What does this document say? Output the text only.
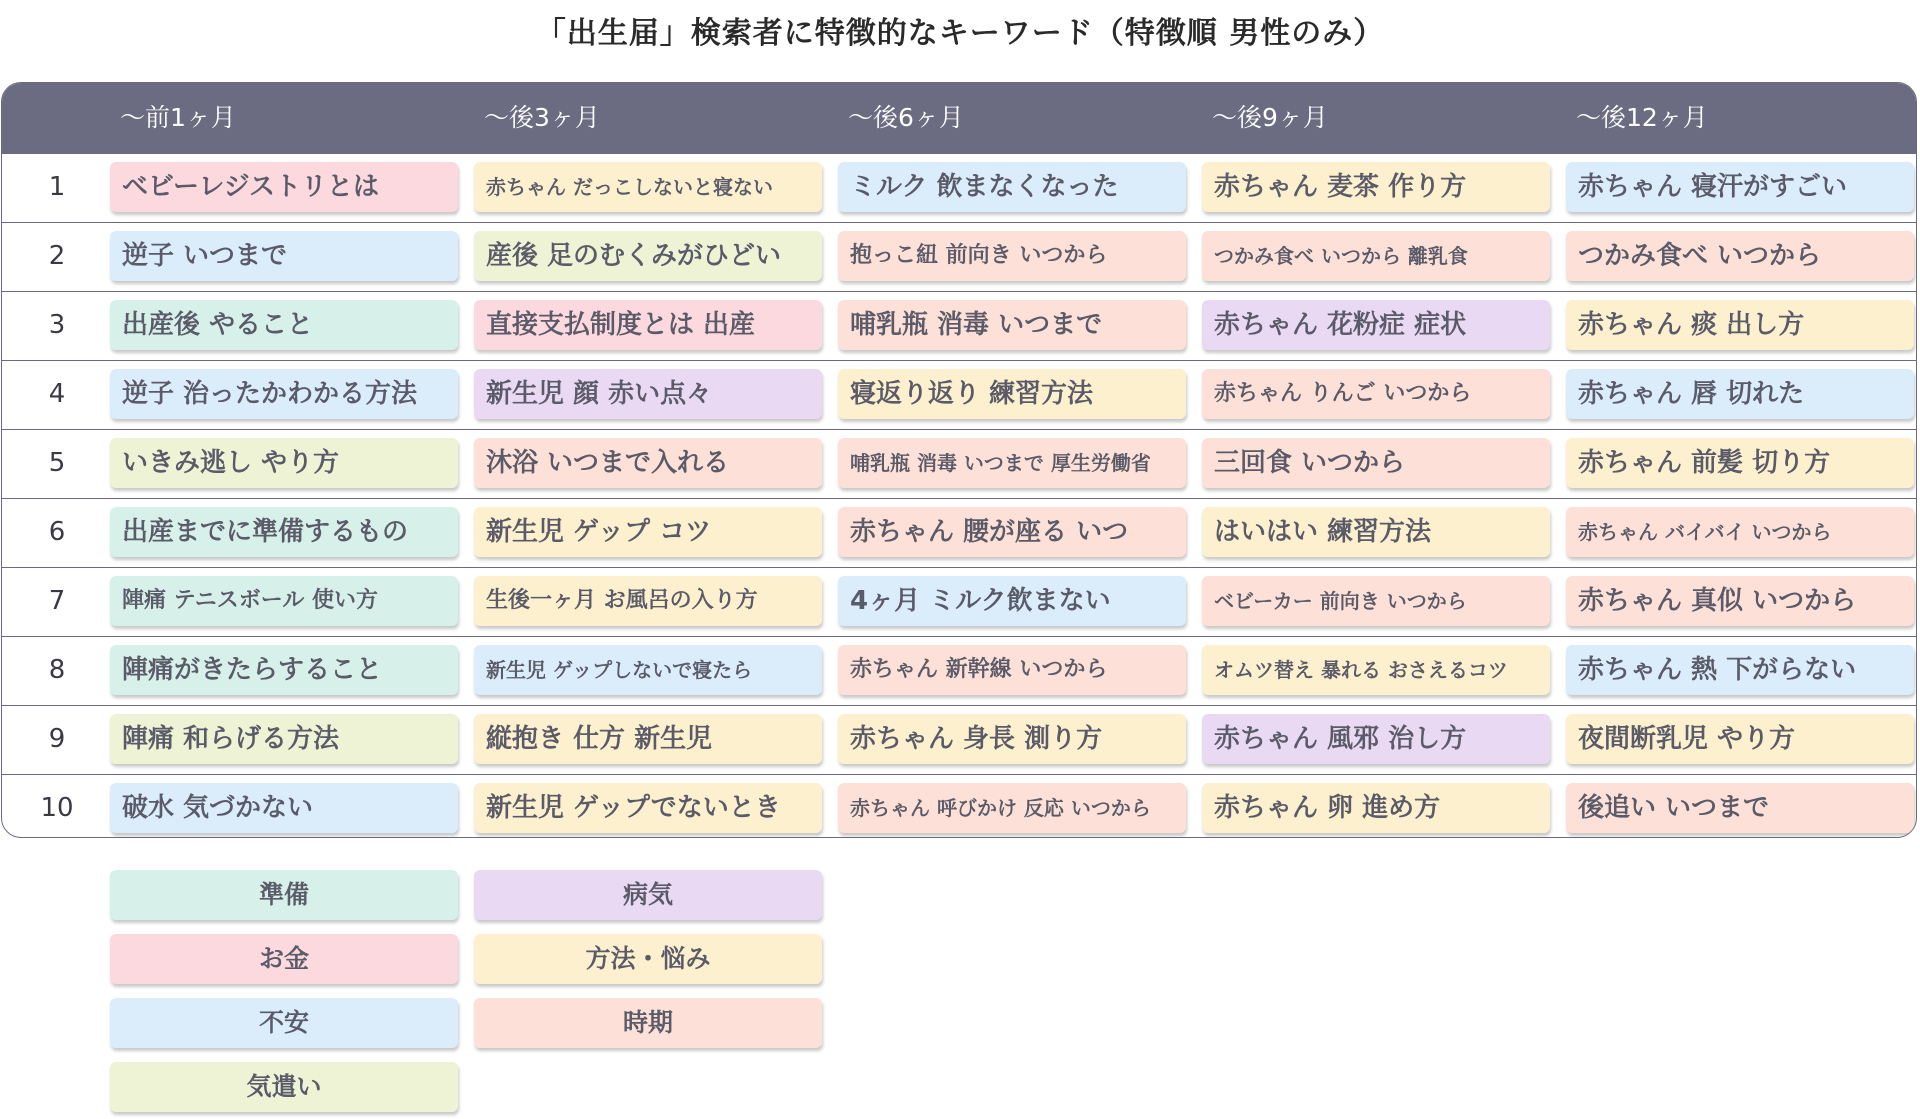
「出生届」検索者に特徴的なキーワード（特徴順 男性のみ）
〜前1ヶ月	〜後3ヶ月	〜後6ヶ月	〜後9ヶ月	〜後12ヶ月
1	ベビーレジストリとは	赤ちゃん だっこしないと寝ない	ミルク 飲まなくなった	赤ちゃん 麦茶 作り方	赤ちゃん 寝汗がすごい
2	逆子 いつまで	産後 足のむくみがひどい	抱っこ紐 前向き いつから	つかみ食べ いつから 離乳食	つかみ食べ いつから
3	出産後 やること	直接支払制度とは 出産	哺乳瓶 消毒 いつまで	赤ちゃん 花粉症 症状	赤ちゃん 痰 出し方
4	逆子 治ったかわかる方法	新生児 顔 赤い点々	寝返り返り 練習方法	赤ちゃん りんご いつから	赤ちゃん 唇 切れた
5	いきみ逃し やり方	沐浴 いつまで入れる	哺乳瓶 消毒 いつまで 厚生労働省	三回食 いつから	赤ちゃん 前髪 切り方
6	出産までに準備するもの	新生児 ゲップ コツ	赤ちゃん 腰が座る いつ	はいはい 練習方法	赤ちゃん バイバイ いつから
7	陣痛 テニスボール 使い方	生後一ヶ月 お風呂の入り方	4ヶ月 ミルク飲まない	ベビーカー 前向き いつから	赤ちゃん 真似 いつから
8	陣痛がきたらすること	新生児 ゲップしないで寝たら	赤ちゃん 新幹線 いつから	オムツ替え 暴れる おさえるコツ	赤ちゃん 熱 下がらない
9	陣痛 和らげる方法	縦抱き 仕方 新生児	赤ちゃん 身長 測り方	赤ちゃん 風邪 治し方	夜間断乳児 やり方
10	破水 気づかない	新生児 ゲップでないとき	赤ちゃん 呼びかけ 反応 いつから	赤ちゃん 卵 進め方	後追い いつまで
準備	病気
お金	方法・悩み
不安	時期
気遣い
